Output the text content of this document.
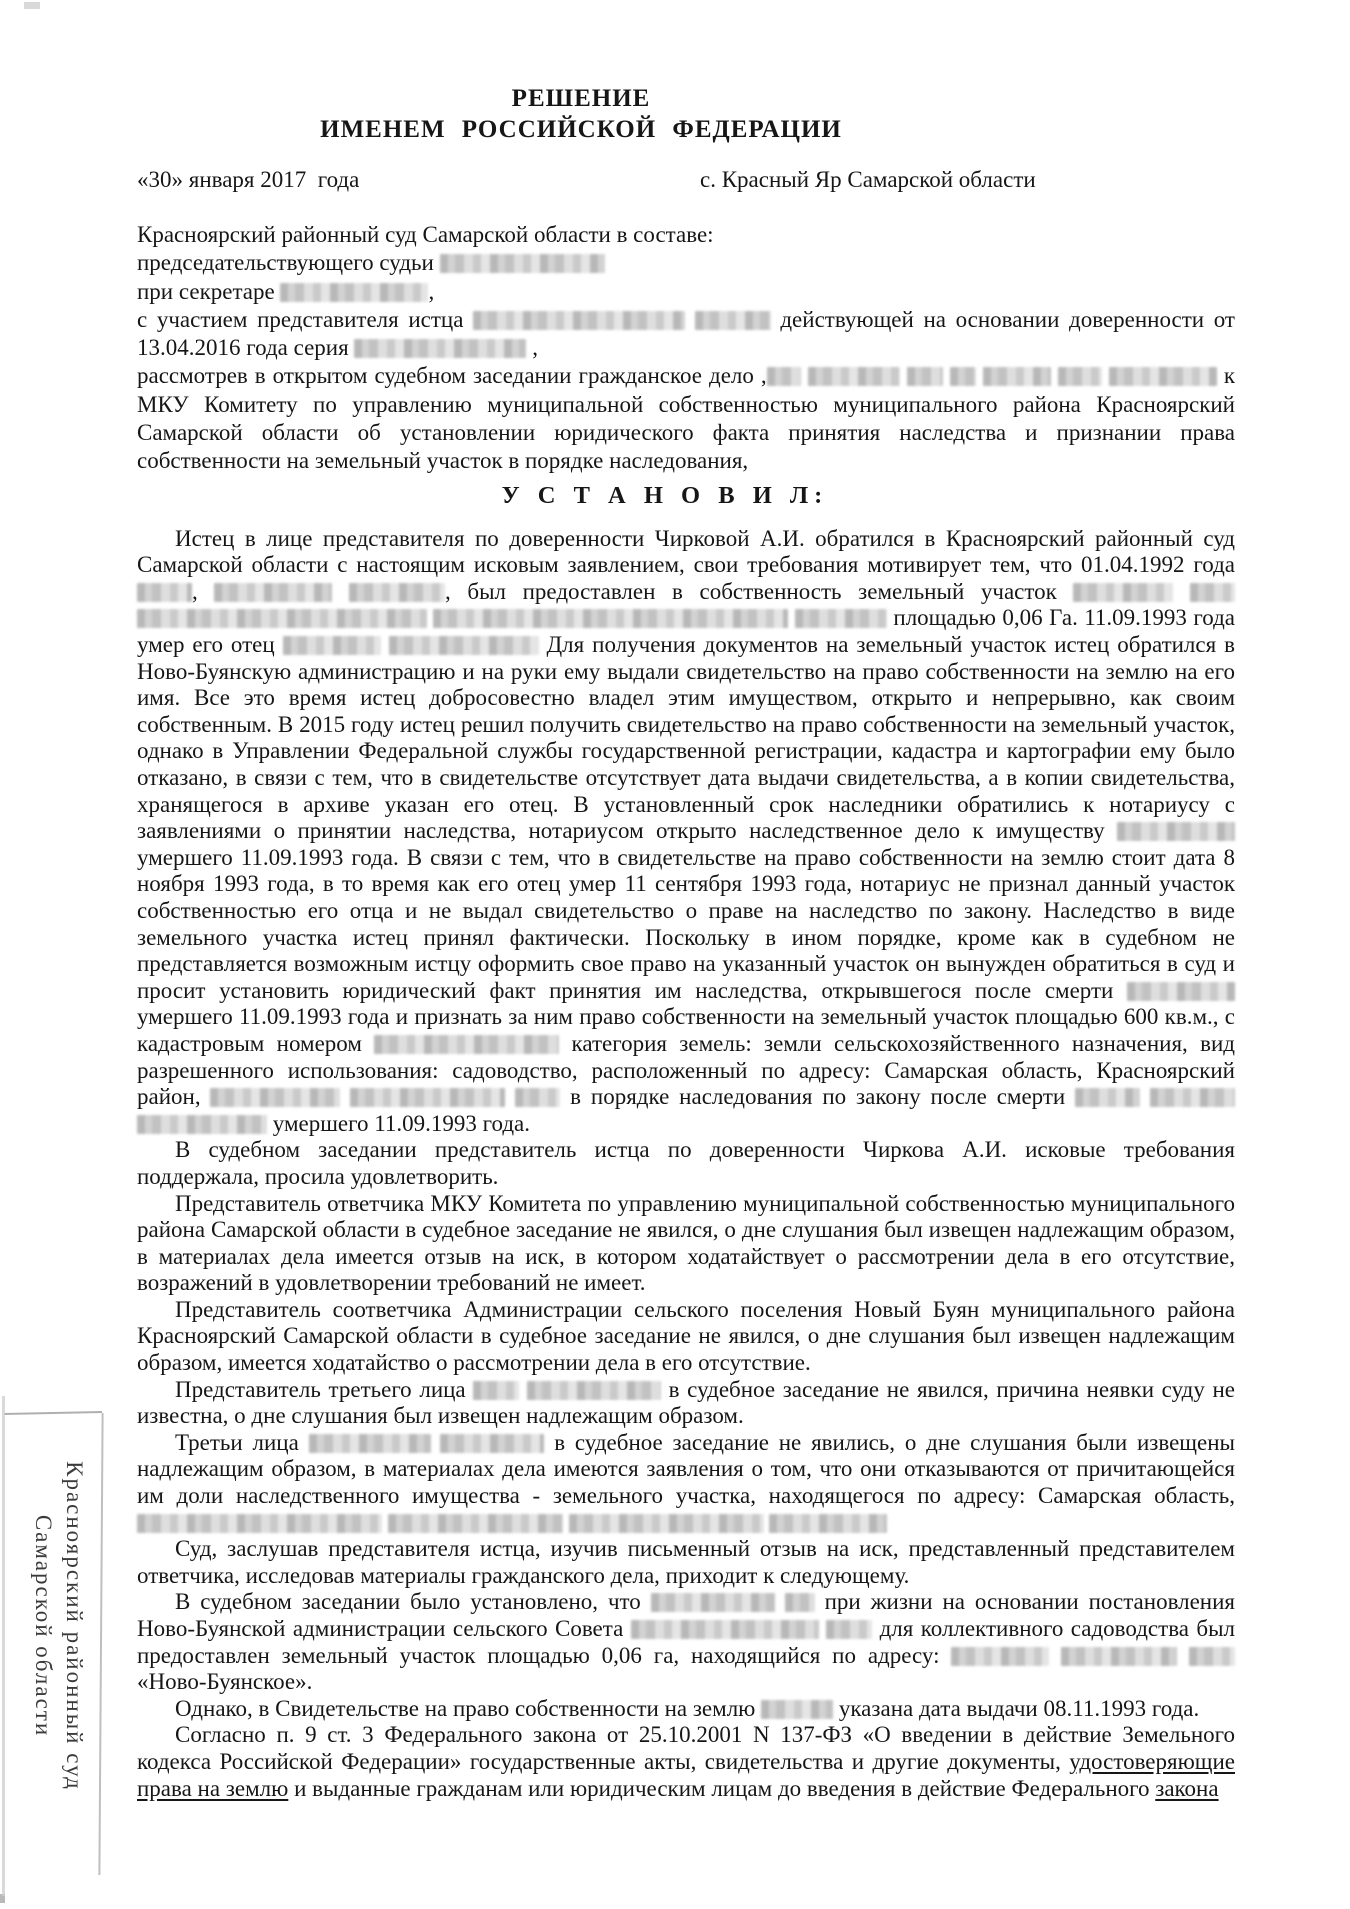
РЕШЕНИЕ
ИМЕНЕМ РОССИЙСКОЙ ФЕДЕРАЦИИ
«30» января 2017  года	с. Красный Яр Самарской области
Красноярский районный суд Самарской области в составе:
председательствующего судьи
при секретаре	,
с участием представителя истца	действующей на основании доверенности от 13.04.2016 года серия	,
рассмотрев в открытом судебном заседании гражданское дело ,	к МКУ Комитету по управлению муниципальной собственностью муниципального района Красноярский Самарской области об установлении юридического факта принятия наследства и признании права собственности на земельный участок в порядке наследования,
У С Т А Н О В И Л:

Истец в лице представителя по доверенности Чирковой А.И. обратился в Красноярский районный суд Самарской области с настоящим исковым заявлением, свои требования мотивирует тем, что 01.04.1992 года ,	, был предоставлен в собственность земельный участок      площадью 0,06 Га. 11.09.1993 года умер его отец	Для получения документов на земельный участок истец обратился в Ново-Буянскую администрацию и на руки ему выдали свидетельство на право собственности на землю на его имя. Все это время истец добросовестно владел этим имуществом, открыто и непрерывно, как своим собственным. В 2015 году истец решил получить свидетельство на право собственности на земельный участок, однако в Управлении Федеральной службы государственной регистрации, кадастра и картографии ему было отказано, в связи с тем, что в свидетельстве отсутствует дата выдачи свидетельства, а в копии свидетельства, хранящегося в архиве указан его отец. В установленный срок наследники обратились к нотариусу с заявлениями о принятии наследства, нотариусом открыто наследственное дело к имуществу  умершего 11.09.1993 года. В связи с тем, что в свидетельстве на право собственности на землю стоит дата 8 ноября 1993 года, в то время как его отец умер 11 сентября 1993 года, нотариус не признал данный участок собственностью его отца и не выдал свидетельство о праве на наследство по закону. Наследство в виде земельного участка истец принял фактически. Поскольку в ином порядке, кроме как в судебном не представляется возможным истцу оформить свое право на указанный участок он вынужден обратиться в суд и просит установить юридический факт принятия им наследства, открывшегося после смерти  умершего 11.09.1993 года и признать за ним право собственности на земельный участок площадью 600 кв.м., с кадастровым номером	категория земель: земли сельскохозяйственного назначения, вид разрешенного использования: садоводство, расположенный по адресу: Самарская область, Красноярский район,	в порядке наследования по закону после смерти    умершего 11.09.1993 года.

В судебном заседании представитель истца по доверенности Чиркова А.И. исковые требования поддержала, просила удовлетворить.

Представитель ответчика МКУ Комитета по управлению муниципальной собственностью муниципального района Самарской области в судебное заседание не явился, о дне слушания был извещен надлежащим образом, в материалах дела имеется отзыв на иск, в котором ходатайствует о рассмотрении дела в его отсутствие, возражений в удовлетворении требований не имеет.

Представитель соответчика Администрации сельского поселения Новый Буян муниципального района Красноярский Самарской области в судебное заседание не явился, о дне слушания был извещен надлежащим образом, имеется ходатайство о рассмотрении дела в его отсутствие.

Представитель третьего лица	в судебное заседание не явился, причина неявки суду не известна, о дне слушания был извещен надлежащим образом.

Третьи лица	в судебное заседание не явились, о дне слушания были извещены надлежащим образом, в материалах дела имеются заявления о том, что они отказываются от причитающейся им доли наследственного имущества - земельного участка, находящегося по адресу: Самарская область,

Суд, заслушав представителя истца, изучив письменный отзыв на иск, представленный представителем ответчика, исследовав материалы гражданского дела, приходит к следующему.

В судебном заседании было установлено, что	при жизни на основании постановления Ново-Буянской администрации сельского Совета	для коллективного садоводства был предоставлен земельный участок площадью 0,06 га, находящийся по адресу:    «Ново-Буянское».

Однако, в Свидетельстве на право собственности на землю	указана дата выдачи 08.11.1993 года.

Согласно п. 9 ст. 3 Федерального закона от 25.10.2001 N 137-ФЗ «О введении в действие Земельного кодекса Российской Федерации» государственные акты, свидетельства и другие документы, удостоверяющие права на землю и выданные гражданам или юридическим лицам до введения в действие Федерального закона

Красноярский районный суд
Самарской области
